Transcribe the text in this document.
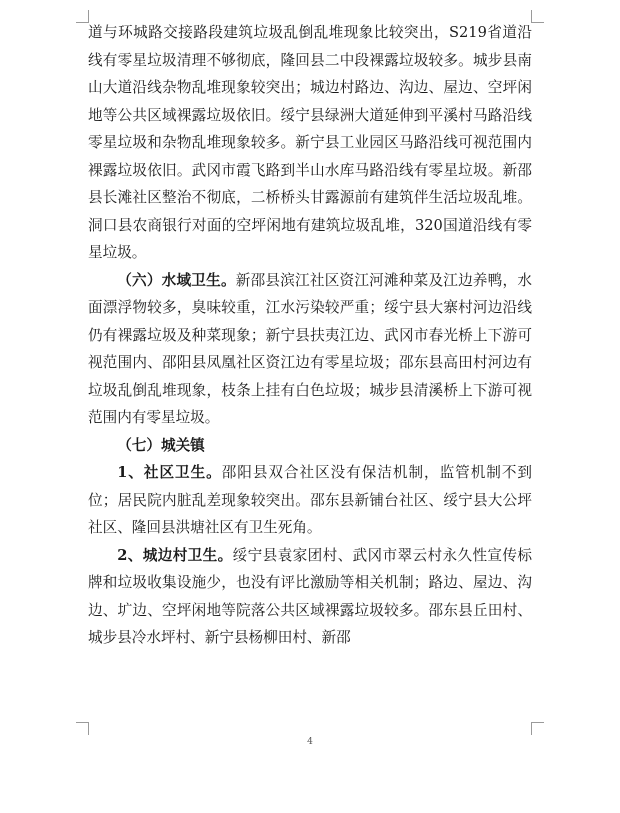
道与环城路交接路段建筑垃圾乱倒乱堆现象比较突出，S219省道沿线有零星垃圾清理不够彻底，隆回县二中段裸露垃圾较多。城步县南山大道沿线杂物乱堆现象较突出；城边村路边、沟边、屋边、空坪闲地等公共区域裸露垃圾依旧。绥宁县绿洲大道延伸到平溪村马路沿线零星垃圾和杂物乱堆现象较多。新宁县工业园区马路沿线可视范围内裸露垃圾依旧。武冈市霞飞路到半山水库马路沿线有零星垃圾。新邵县长滩社区整治不彻底，二桥桥头甘露源前有建筑伴生活垃圾乱堆。洞口县农商银行对面的空坪闲地有建筑垃圾乱堆，320国道沿线有零星垃圾。

（六）水域卫生。新邵县滨江社区资江河滩种菜及江边养鸭，水面漂浮物较多，臭味较重，江水污染较严重；绥宁县大寨村河边沿线仍有裸露垃圾及种菜现象；新宁县扶夷江边、武冈市春光桥上下游可视范围内、邵阳县凤凰社区资江边有零星垃圾；邵东县高田村河边有垃圾乱倒乱堆现象，枝条上挂有白色垃圾；城步县清溪桥上下游可视范围内有零星垃圾。

（七）城关镇

1、社区卫生。邵阳县双合社区没有保洁机制，监管机制不到位；居民院内脏乱差现象较突出。邵东县新铺台社区、绥宁县大公坪社区、隆回县洪塘社区有卫生死角。

2、城边村卫生。绥宁县袁家团村、武冈市翠云村永久性宣传标牌和垃圾收集设施少，也没有评比激励等相关机制；路边、屋边、沟边、圹边、空坪闲地等院落公共区域裸露垃圾较多。邵东县丘田村、城步县冷水坪村、新宁县杨柳田村、新邵

4
